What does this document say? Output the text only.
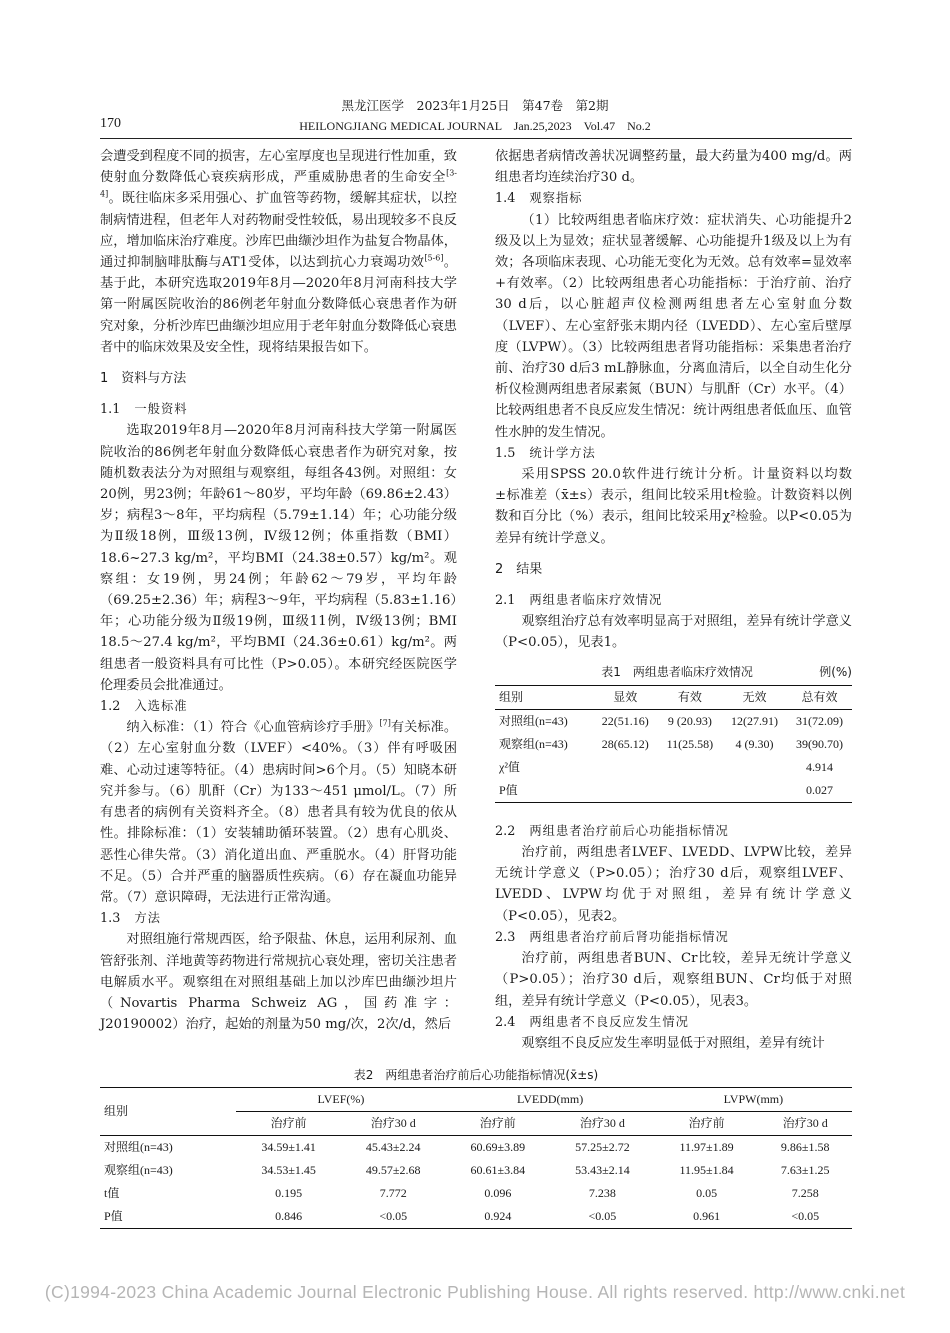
黑龙江医学　2023年1月25日　第47卷　第2期
170	HEILONGJIANG MEDICAL JOURNAL　Jan.25,2023　Vol.47　No.2

会遭受到程度不同的损害，左心室厚度也呈现进行性加重，致使射血分数降低心衰疾病形成，严重威胁患者的生命安全[3-4]。既往临床多采用强心、扩血管等药物，缓解其症状，以控制病情进程，但老年人对药物耐受性较低，易出现较多不良反应，增加临床治疗难度。沙库巴曲缬沙坦作为盐复合物晶体，通过抑制脑啡肽酶与AT1受体，以达到抗心力衰竭功效[5-6]。基于此，本研究选取2019年8月—2020年8月河南科技大学第一附属医院收治的86例老年射血分数降低心衰患者作为研究对象，分析沙库巴曲缬沙坦应用于老年射血分数降低心衰患者中的临床效果及安全性，现将结果报告如下。

1　资料与方法
1.1 一般资料

选取2019年8月—2020年8月河南科技大学第一附属医院收治的86例老年射血分数降低心衰患者作为研究对象，按随机数表法分为对照组与观察组，每组各43例。对照组：女20例，男23例；年龄61～80岁，平均年龄（69.86±2.43）岁；病程3～8年，平均病程（5.79±1.14）年；心功能分级为Ⅱ级18例，Ⅲ级13例，Ⅳ级12例；体重指数（BMI）18.6~27.3 kg/m²，平均BMI（24.38±0.57）kg/m²。观察组：女19例，男24例；年龄62～79岁，平均年龄（69.25±2.36）年；病程3～9年，平均病程（5.83±1.16）年；心功能分级为Ⅱ级19例，Ⅲ级11例，Ⅳ级13例；BMI 18.5～27.4 kg/m²，平均BMI（24.36±0.61）kg/m²。两组患者一般资料具有可比性（P>0.05）。本研究经医院医学伦理委员会批准通过。

1.2 入选标准

纳入标准：（1）符合《心血管病诊疗手册》[7]有关标准。（2）左心室射血分数（LVEF）<40%。（3）伴有呼吸困难、心动过速等特征。（4）患病时间>6个月。（5）知晓本研究并参与。（6）肌酐（Cr）为133～451 μmol/L。（7）所有患者的病例有关资料齐全。（8）患者具有较为优良的依从性。排除标准：（1）安装辅助循环装置。（2）患有心肌炎、恶性心律失常。（3）消化道出血、严重脱水。（4）肝肾功能不足。（5）合并严重的脑器质性疾病。（6）存在凝血功能异常。（7）意识障碍，无法进行正常沟通。

1.3 方法

对照组施行常规西医，给予限盐、休息，运用利尿剂、血管舒张剂、洋地黄等药物进行常规抗心衰处理，密切关注患者电解质水平。观察组在对照组基础上加以沙库巴曲缬沙坦片（Novartis Pharma Schweiz AG，国药准字：J20190002）治疗，起始的剂量为50 mg/次，2次/d，然后

依据患者病情改善状况调整药量，最大药量为400 mg/d。两组患者均连续治疗30 d。

1.4 观察指标

（1）比较两组患者临床疗效：症状消失、心功能提升2级及以上为显效；症状显著缓解、心功能提升1级及以上为有效；各项临床表现、心功能无变化为无效。总有效率=显效率+有效率。（2）比较两组患者心功能指标：于治疗前、治疗30 d后，以心脏超声仪检测两组患者左心室射血分数（LVEF）、左心室舒张末期内径（LVEDD）、左心室后壁厚度（LVPW）。（3）比较两组患者肾功能指标：采集患者治疗前、治疗30 d后3 mL静脉血，分离血清后，以全自动生化分析仪检测两组患者尿素氮（BUN）与肌酐（Cr）水平。（4）比较两组患者不良反应发生情况：统计两组患者低血压、血管性水肿的发生情况。

1.5 统计学方法

采用SPSS 20.0软件进行统计分析。计量资料以均数±标准差（x̄±s）表示，组间比较采用t检验。计数资料以例数和百分比（%）表示，组间比较采用χ²检验。以P<0.05为差异有统计学意义。

2　结果
2.1 两组患者临床疗效情况

观察组治疗总有效率明显高于对照组，差异有统计学意义（P<0.05），见表1。

表1　两组患者临床疗效情况	例(%)
组别	显效	有效	无效	总有效
对照组(n=43)	22(51.16)	9 (20.93)	12(27.91)	31(72.09)
观察组(n=43)	28(65.12)	11(25.58)	4 (9.30)	39(90.70)
χ²值				4.914
P值				0.027
2.2 两组患者治疗前后心功能指标情况

治疗前，两组患者LVEF、LVEDD、LVPW比较，差异无统计学意义（P>0.05）；治疗30 d后，观察组LVEF、LVEDD、LVPW均优于对照组，差异有统计学意义（P<0.05），见表2。

2.3 两组患者治疗前后肾功能指标情况

治疗前，两组患者BUN、Cr比较，差异无统计学意义（P>0.05）；治疗30 d后，观察组BUN、Cr均低于对照组，差异有统计学意义（P<0.05），见表3。

2.4 两组患者不良反应发生情况

观察组不良反应发生率明显低于对照组，差异有统计

表2　两组患者治疗前后心功能指标情况(x̄±s)
组别	LVEF(%)		LVEDD(mm)		LVPW(mm)	
	治疗前	治疗30 d	治疗前	治疗30 d	治疗前	治疗30 d
对照组(n=43)	34.59±1.41	45.43±2.24	60.69±3.89	57.25±2.72	11.97±1.89	9.86±1.58
观察组(n=43)	34.53±1.45	49.57±2.68	60.61±3.84	53.43±2.14	11.95±1.84	7.63±1.25
t值	0.195	7.772	0.096	7.238	0.05	7.258
P值	0.846	<0.05	0.924	<0.05	0.961	<0.05
(C)1994-2023 China Academic Journal Electronic Publishing House. All rights reserved. http://www.cnki.net
